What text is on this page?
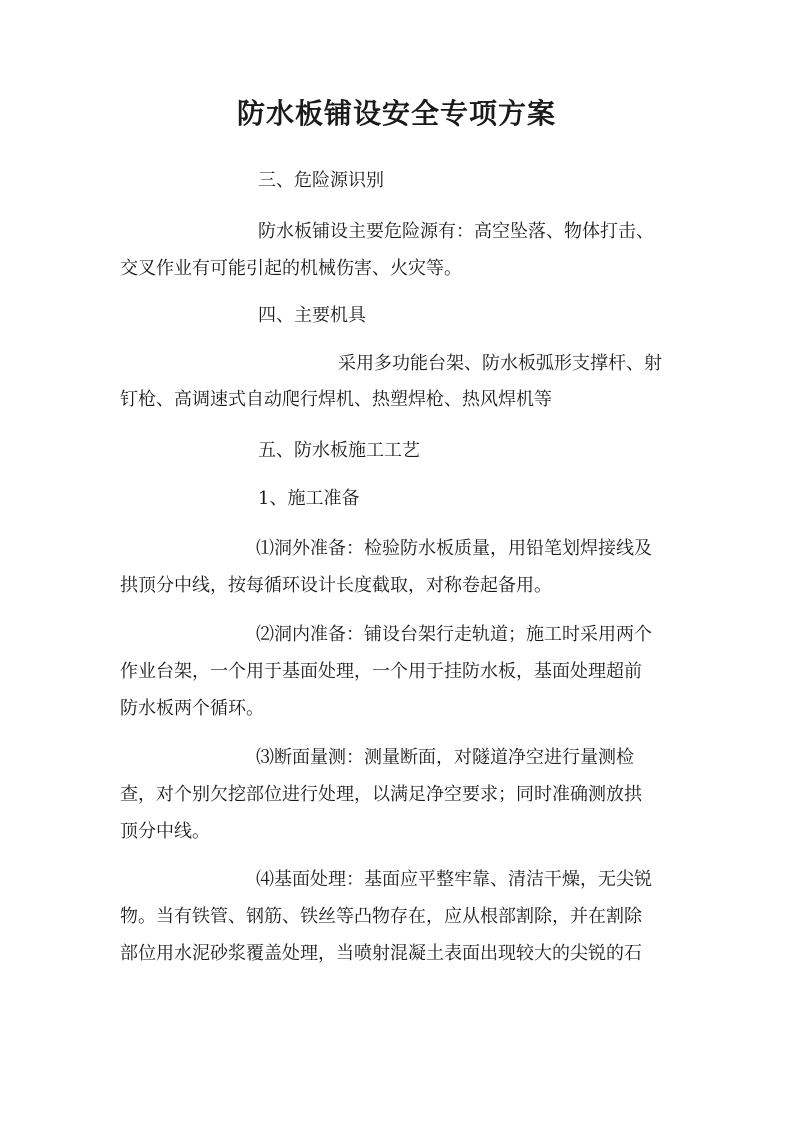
防水板铺设安全专项方案
三、危险源识别
防水板铺设主要危险源有：高空坠落、物体打击、
交叉作业有可能引起的机械伤害、火灾等。
四、主要机具
采用多功能台架、防水板弧形支撑杆、射
钉枪、高调速式自动爬行焊机、热塑焊枪、热风焊机等
五、防水板施工工艺
1、施工准备
⑴洞外准备：检验防水板质量，用铅笔划焊接线及
拱顶分中线，按每循环设计长度截取，对称卷起备用。
⑵洞内准备：铺设台架行走轨道；施工时采用两个
作业台架，一个用于基面处理，一个用于挂防水板，基面处理超前
防水板两个循环。
⑶断面量测：测量断面，对隧道净空进行量测检
查，对个别欠挖部位进行处理，以满足净空要求；同时准确测放拱
顶分中线。
⑷基面处理：基面应平整牢靠、清洁干燥，无尖锐
物。当有铁管、钢筋、铁丝等凸物存在，应从根部割除，并在割除
部位用水泥砂浆覆盖处理，当喷射混凝土表面出现较大的尖锐的石
